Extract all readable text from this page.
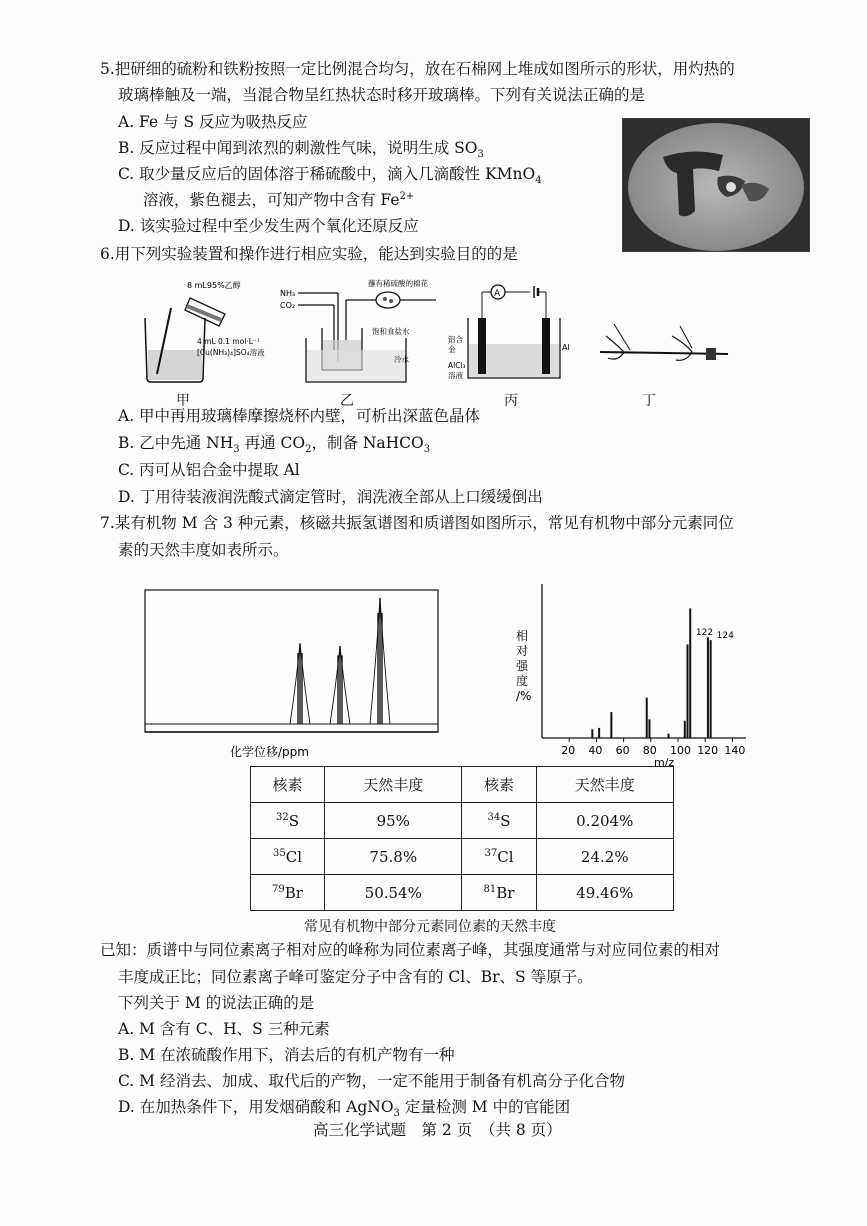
5.把研细的硫粉和铁粉按照一定比例混合均匀，放在石棉网上堆成如图所示的形状，用灼热的
玻璃棒触及一端，当混合物呈红热状态时移开玻璃棒。下列有关说法正确的是
A. Fe 与 S 反应为吸热反应
B. 反应过程中闻到浓烈的刺激性气味，说明生成 $SO_3$
C. 取少量反应后的固体溶于稀硫酸中，滴入几滴酸性 KMnO$_4$
溶液，紫色褪去，可知产物中含有 $Fe^{2+}$
D. 该实验过程中至少发生两个氧化还原反应
6.用下列实验装置和操作进行相应实验，能达到实验目的的是
8 mL95%乙醇
4 mL 0.1 mol·L⁻¹
[Cu(NH₃)₄]SO₄溶液
甲
NH₃
CO₂
蘸有稀硫酸的棉花
饱和食盐水
冷水
乙
A
铝合
金
AlCl₃
溶液
Al
丙	丁
A. 甲中再用玻璃棒摩擦烧杯内壁，可析出深蓝色晶体
B. 乙中先通 $NH_3$ 再通 $CO_2$，制备 NaHCO$_3$
C. 丙可从铝合金中提取 Al
D. 丁用待装液润洗酸式滴定管时，润洗液全部从上口缓缓倒出
7.某有机物 M 含 3 种元素，核磁共振氢谱图和质谱图如图所示，常见有机物中部分元素同位
素的天然丰度如表所示。
化学位移/ppm
相
对
强
度
/%
20 40 60 80 100 120 140
122 124
m/z
核素	天然丰度	核素	天然丰度
$^{32}$S	95%	$^{34}$S	0.204%
$^{35}$Cl	75.8%	$^{37}$Cl	24.2%
$^{79}$Br	50.54%	$^{81}$Br	49.46%
常见有机物中部分元素同位素的天然丰度
已知：质谱中与同位素离子相对应的峰称为同位素离子峰，其强度通常与对应同位素的相对
丰度成正比；同位素离子峰可鉴定分子中含有的 Cl、Br、S 等原子。
下列关于 M 的说法正确的是
A. M 含有 C、H、S 三种元素
B. M 在浓硫酸作用下，消去后的有机产物有一种
C. M 经消去、加成、取代后的产物，一定不能用于制备有机高分子化合物
D. 在加热条件下，用发烟硝酸和 AgNO$_3$ 定量检测 M 中的官能团
高三化学试题　第 2 页　（共 8 页）
